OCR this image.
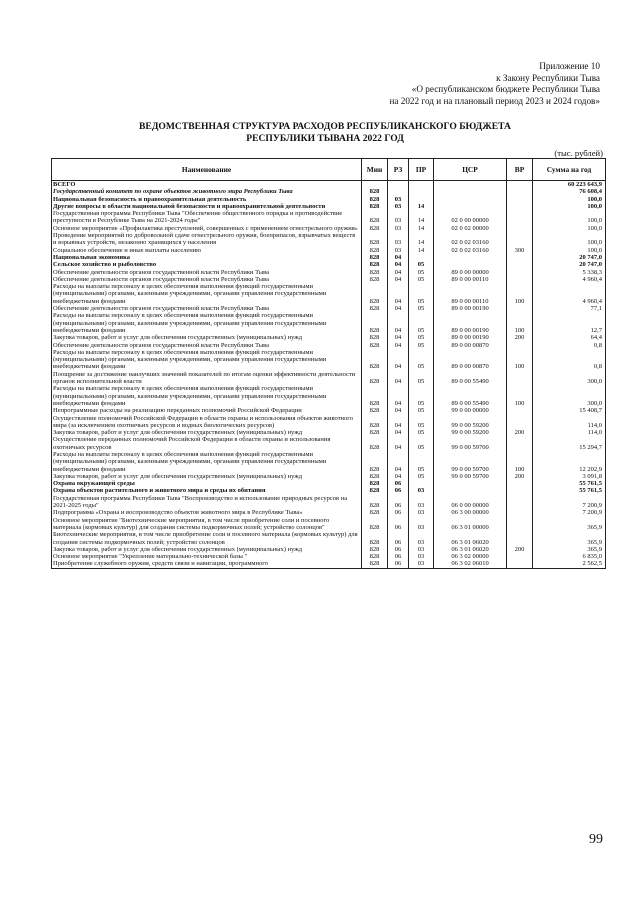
Приложение 10
к Закону Республики Тыва
«О республиканском бюджете Республики Тыва
на 2022 год и на плановый период 2023 и 2024 годов»
ВЕДОМСТВЕННАЯ СТРУКТУРА РАСХОДОВ РЕСПУБЛИКАНСКОГО БЮДЖЕТА
РЕСПУБЛИКИ ТЫВАНА 2022 ГОД
(тыс. рублей)
Наименование	Мин	РЗ	ПР	ЦСР	ВР	Сумма на год
ВСЕГО						60 223 643,9
Государственный комитет по охране объектов животного мира Республики Тыва	828					76 608,4
Национальная безопасность и правоохранительная деятельность	828	03				100,0
Другие вопросы в области национальной безопасности и правоохранительной деятельности	828	03	14			100,0
Государственная программа Республики Тыва "Обеспечение общественного порядка и противодействие преступности в Республике Тыва на 2021-2024 годы"	828	03	14	02 0 00 00000		100,0
Основное мероприятие «Профилактика преступлений, совершенных с применением огнестрельного оружия»	828	03	14	02 0 02 00000		100,0
Проведение мероприятий по добровольной сдаче огнестрельного оружия, боеприпасов, взрывчатых веществ и взрывных устройств, незаконно хранящихся у населения	828	03	14	02 0 02 03160		100,0
Социальное обеспечение и иные выплаты населению	828	03	14	02 0 02 03160	300	100,0
Национальная экономика	828	04				20 747,0
Сельское хозяйство и рыболовство	828	04	05			20 747,0
Обеспечение деятельности органов государственной власти Республики Тыва	828	04	05	89 0 00 00000		5 338,3
Обеспечение деятельности органов государственной власти Республики Тыва	828	04	05	89 0 00 00110		4 960,4
Расходы на выплаты персоналу в целях обеспечения выполнения функций государственными (муниципальными) органами, казенными учреждениями, органами управления государственными внебюджетными фондами	828	04	05	89 0 00 00110	100	4 960,4
Обеспечение деятельности органов государственной власти Республики Тыва	828	04	05	89 0 00 00190		77,1
Расходы на выплаты персоналу в целях обеспечения выполнения функций государственными (муниципальными) органами, казенными учреждениями, органами управления государственными внебюджетными фондами	828	04	05	89 0 00 00190	100	12,7
Закупка товаров, работ и услуг для обеспечения государственных (муниципальных) нужд	828	04	05	89 0 00 00190	200	64,4
Обеспечение деятельности органов государственной власти Республики Тыва	828	04	05	89 0 00 00870		0,8
Расходы на выплаты персоналу в целях обеспечения выполнения функций государственными (муниципальными) органами, казенными учреждениями, органами управления государственными внебюджетными фондами	828	04	05	89 0 00 00870	100	0,8
Поощрение за достижение наилучших значений показателей по итогам оценки эффективности деятельности органов исполнительной власти	828	04	05	89 0 00 55490		300,0
Расходы на выплаты персоналу в целях обеспечения выполнения функций государственными (муниципальными) органами, казенными учреждениями, органами управления государственными внебюджетными фондами	828	04	05	89 0 00 55490	100	300,0
Непрограммные расходы на реализацию переданных полномочий Российской Федерации	828	04	05	99 0 00 00000		15 408,7
Осуществление полномочий Российской Федерации в области охраны и использования объектов животного мира (за исключением охотничьих ресурсов и водных биологических ресурсов)	828	04	05	99 0 00 59200		114,0
Закупка товаров, работ и услуг для обеспечения государственных (муниципальных) нужд	828	04	05	99 0 00 59200	200	114,0
Осуществление переданных полномочий Российской Федерации в области охраны и использования охотничьих ресурсов	828	04	05	99 0 00 59700		15 294,7
Расходы на выплаты персоналу в целях обеспечения выполнения функций государственными (муниципальными) органами, казенными учреждениями, органами управления государственными внебюджетными фондами	828	04	05	99 0 00 59700	100	12 202,9
Закупка товаров, работ и услуг для обеспечения государственных (муниципальных) нужд	828	04	05	99 0 00 59700	200	3 091,8
Охрана окружающей среды	828	06				55 761,5
Охрана объектов растительного и животного мира и среды их обитания	828	06	03			55 761,5
Государственная программа Республики Тыва "Воспроизводство и использование природных ресурсов на 2021-2025 годы"	828	06	03	06 0 00 00000		7 200,9
Подпрограмма «Охрана и воспроизводство объектов животного мира в Республике Тыва»	828	06	03	06 3 00 00000		7 200,9
Основное мероприятие "Биотехнические мероприятия, в том числе приобретение соли и посевного материала (кормовых культур) для создания системы подкормочных полей; устройство солонцов"	828	06	03	06 3 01 00000		365,9
Биотехнические мероприятия, в том числе приобретение соли и посевного материала (кормовых культур) для создания системы подкормочных полей; устройство солонцов	828	06	03	06 3 01 06020		365,9
Закупка товаров, работ и услуг для обеспечения государственных (муниципальных) нужд	828	06	03	06 3 01 06020	200	365,9
Основное мероприятие "Укрепление материально-технической базы "	828	06	03	06 3 02 00000		6 835,0
Приобретение служебного оружия, средств связи и навигации, программного	828	06	03	06 3 02 06010		2 562,5
99
